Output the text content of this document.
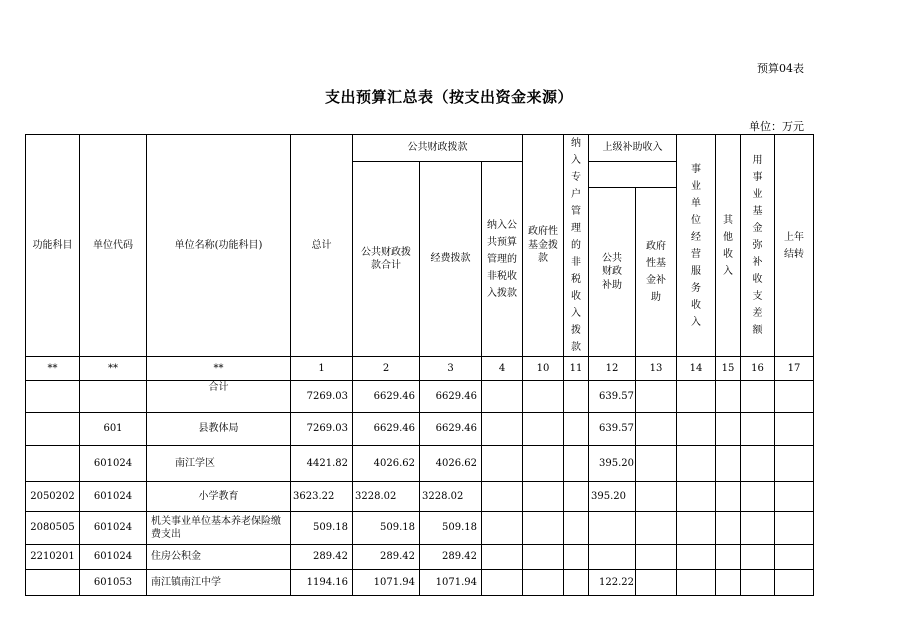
预算04表
支出预算汇总表（按支出资金来源）
单位：万元
功能科目	单位代码	单位名称(功能科目)	总计	公共财政拨款			政府性基金拨款	纳入专户管理的非税收入拨款	上级补助收入		事业单位经营服务收入	其他收入	用事业基金弥补收支差额	上年结转
				公共财政拨款合计	经费拨款	纳入公共预算管理的非税收入拨款								
									公共财政补助	政府性基金补助				
**	**	**	1	2	3	4	10	11	12	13	14	15	16	17
		合计	7269.03	6629.46	6629.46				639.57					
	601	县教体局	7269.03	6629.46	6629.46				639.57					
	601024	南江学区	4421.82	4026.62	4026.62				395.20					
2050202	601024	小学教育	3623.22	3228.02	3228.02				395.20					
2080505	601024	机关事业单位基本养老保险缴费支出	509.18	509.18	509.18									
2210201	601024	住房公积金	289.42	289.42	289.42									
	601053	南江镇南江中学	1194.16	1071.94	1071.94				122.22					
